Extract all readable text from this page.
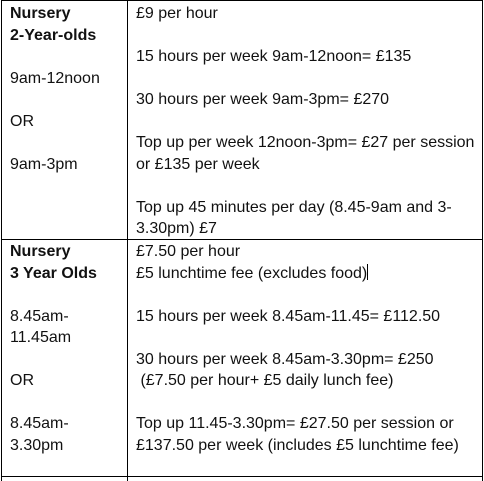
Nursery
2-Year-olds
9am-12noon
OR
9am-3pm
£9 per hour
15 hours per week 9am-12noon= £135
30 hours per week 9am-3pm= £270
Top up per week 12noon-3pm= £27 per session
or £135 per week
Top up 45 minutes per day (8.45-9am and 3-
3.30pm) £7
Nursery
3 Year Olds
8.45am-
11.45am
OR
8.45am-
3.30pm
£7.50 per hour
£5 lunchtime fee (excludes food)
15 hours per week 8.45am-11.45= £112.50
30 hours per week 8.45am-3.30pm= £250
(£7.50 per hour+ £5 daily lunch fee)
Top up 11.45-3.30pm= £27.50 per session or
£137.50 per week (includes £5 lunchtime fee)
